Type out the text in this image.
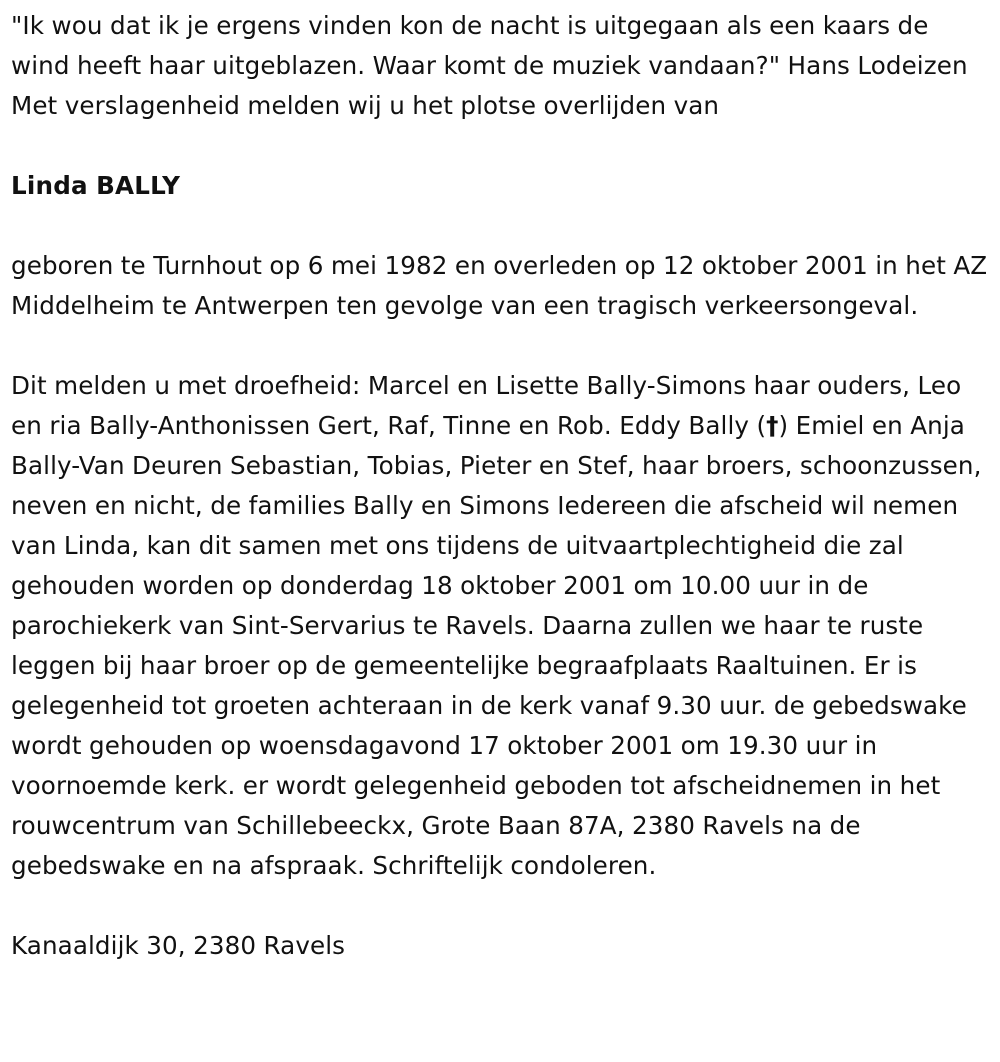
"Ik wou dat ik je ergens vinden kon de nacht is uitgegaan als een kaars de wind heeft haar uitgeblazen. Waar komt de muziek vandaan?" Hans Lodeizen Met verslagenheid melden wij u het plotse overlijden van

Linda BALLY

geboren te Turnhout op 6 mei 1982 en overleden op 12 oktober 2001 in het AZ Middelheim te Antwerpen ten gevolge van een tragisch verkeersongeval.

Dit melden u met droefheid: Marcel en Lisette Bally-Simons haar ouders, Leo en ria Bally-Anthonissen Gert, Raf, Tinne en Rob. Eddy Bally (†) Emiel en Anja Bally-Van Deuren Sebastian, Tobias, Pieter en Stef, haar broers, schoonzussen, neven en nicht, de families Bally en Simons Iedereen die afscheid wil nemen van Linda, kan dit samen met ons tijdens de uitvaartplechtigheid die zal gehouden worden op donderdag 18 oktober 2001 om 10.00 uur in de parochiekerk van Sint-Servarius te Ravels. Daarna zullen we haar te ruste leggen bij haar broer op de gemeentelijke begraafplaats Raaltuinen. Er is gelegenheid tot groeten achteraan in de kerk vanaf 9.30 uur. de gebedswake wordt gehouden op woensdagavond 17 oktober 2001 om 19.30 uur in voornoemde kerk. er wordt gelegenheid geboden tot afscheidnemen in het rouwcentrum van Schillebeeckx, Grote Baan 87A, 2380 Ravels na de gebedswake en na afspraak. Schriftelijk condoleren.

Kanaaldijk 30, 2380 Ravels
